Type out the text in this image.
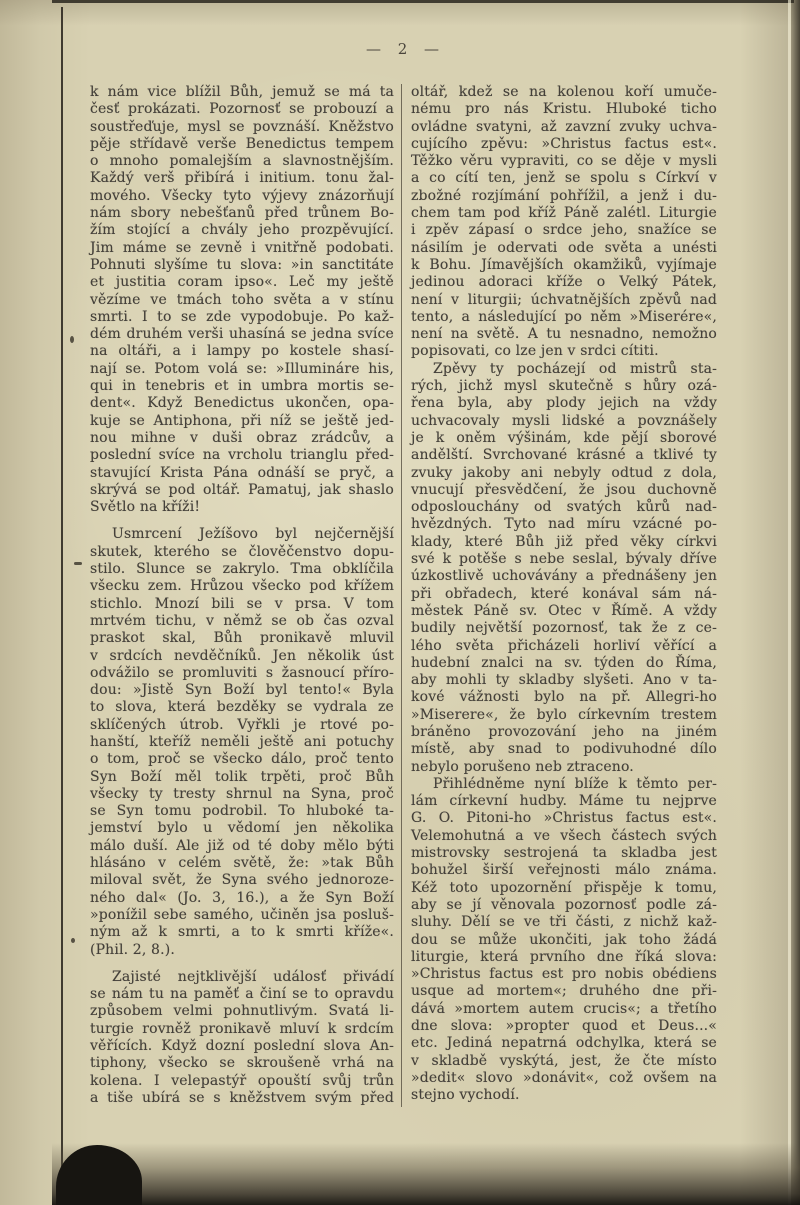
— 2 —
k nám vice blížil Bůh, jemuž se má ta
česť prokázati. Pozornosť se probouzí a
soustřeďuje, mysl se povznáší. Kněžstvo
pěje střídavě verše Benedictus tempem
o mnoho pomalejším a slavnostnějším.
Každý verš přibírá i initium. tonu žal-
mového. Všecky tyto výjevy znázorňují
nám sbory nebešťanů před trůnem Bo-
žím stojící a chvály jeho prozpěvující.
Jim máme se zevně i vnitřně podobati.
Pohnuti slyšíme tu slova: »in sanctitáte
et justitia coram ipso«. Leč my ještě
vězíme ve tmách toho světa a v stínu
smrti. I to se zde vypodobuje. Po kaž-
dém druhém verši uhasíná se jedna svíce
na oltáři, a i lampy po kostele shasí-
nají se. Potom volá se: »Illumináre his,
qui in tenebris et in umbra mortis se-
dent«. Když Benedictus ukončen, opa-
kuje se Antiphona, při níž se ještě jed-
nou mihne v duši obraz zrádcův, a
poslední svíce na vrcholu trianglu před-
stavující Krista Pána odnáší se pryč, a
skrývá se pod oltář. Pamatuj, jak shaslo
Světlo na kříži!
Usmrcení Ježíšovo byl nejčernější
skutek, kterého se člověčenstvo dopu-
stilo. Slunce se zakrylo. Tma obklíčila
všecku zem. Hrůzou všecko pod křížem
stichlo. Mnozí bili se v prsa. V tom
mrtvém tichu, v němž se ob čas ozval
praskot skal, Bůh pronikavě mluvil
v srdcích nevděčníků. Jen několik úst
odvážilo se promluviti s žasnoucí příro-
dou: »Jistě Syn Boží byl tento!« Byla
to slova, která bezděky se vydrala ze
sklíčených útrob. Vyřkli je rtové po-
hanští, kteříž neměli ještě ani potuchy
o tom, proč se všecko dálo, proč tento
Syn Boží měl tolik trpěti, proč Bůh
všecky ty tresty shrnul na Syna, proč
se Syn tomu podrobil. To hluboké ta-
jemství bylo u vědomí jen několika
málo duší. Ale již od té doby mělo býti
hlásáno v celém světě, že: »tak Bůh
miloval svět, že Syna svého jednoroze-
ného dal« (Jo. 3, 16.), a že Syn Boží
»ponížil sebe samého, učiněn jsa posluš-
ným až k smrti, a to k smrti kříže«.
(Phil. 2, 8.).
Zajisté nejtklivější událosť přivádí
se nám tu na paměť a činí se to opravdu
způsobem velmi pohnutlivým. Svatá li-
turgie rovněž pronikavě mluví k srdcím
věřících. Když dozní poslední slova An-
tiphony, všecko se skroušeně vrhá na
kolena. I velepastýř opouští svůj trůn
a tiše ubírá se s kněžstvem svým před
oltář, kdež se na kolenou koří umuče-
nému pro nás Kristu. Hluboké ticho
ovládne svatyni, až zavzní zvuky uchva-
cujícího zpěvu: »Christus factus est«.
Těžko věru vypraviti, co se děje v mysli
a co cítí ten, jenž se spolu s Církví v
zbožné rozjímání pohřížil, a jenž i du-
chem tam pod kříž Páně zalétl. Liturgie
i zpěv zápasí o srdce jeho, snažíce se
násilím je odervati ode světa a unésti
k Bohu. Jímavějších okamžiků, vyjímaje
jedinou adoraci kříže o Velký Pátek,
není v liturgii; úchvatnějších zpěvů nad
tento, a následující po něm »Miserére«,
není na světě. A tu nesnadno, nemožno
popisovati, co lze jen v srdci cítiti.
Zpěvy ty pocházejí od mistrů sta-
rých, jichž mysl skutečně s hůry ozá-
řena byla, aby plody jejich na vždy
uchvacovaly mysli lidské a povznášely
je k oněm výšinám, kde pějí sborové
andělští. Svrchované krásné a tklivé ty
zvuky jakoby ani nebyly odtud z dola,
vnucují přesvědčení, že jsou duchovně
odposlouchány od svatých kůrů nad-
hvězdných. Tyto nad míru vzácné po-
klady, které Bůh již před věky církvi
své k potěše s nebe seslal, bývaly dříve
úzkostlivě uchovávány a přednášeny jen
při obřadech, které konával sám ná-
městek Páně sv. Otec v Římě. A vždy
budily největší pozornosť, tak že z ce-
lého světa přicházeli horliví věřící a
hudební znalci na sv. týden do Říma,
aby mohli ty skladby slyšeti. Ano v ta-
kové vážnosti bylo na př. Allegri-ho
»Miserere«, že bylo církevním trestem
bráněno provozování jeho na jiném
místě, aby snad to podivuhodné dílo
nebylo porušeno neb ztraceno.
Přihlédněme nyní blíže k těmto per-
lám církevní hudby. Máme tu nejprve
G. O. Pitoni-ho »Christus factus est«.
Velemohutná a ve všech částech svých
mistrovsky sestrojená ta skladba jest
bohužel širší veřejnosti málo známa.
Kéž toto upozornění přispěje k tomu,
aby se jí věnovala pozornosť podle zá-
sluhy. Dělí se ve tři části, z nichž kaž-
dou se může ukončiti, jak toho žádá
liturgie, která prvního dne říká slova:
»Christus factus est pro nobis obédiens
usque ad mortem«; druhého dne při-
dává »mortem autem crucis«; a třetího
dne slova: »propter quod et Deus...«
etc. Jediná nepatrná odchylka, která se
v skladbě vyskýtá, jest, že čte místo
»dedit« slovo »donávit«, což ovšem na
stejno vychodí.
